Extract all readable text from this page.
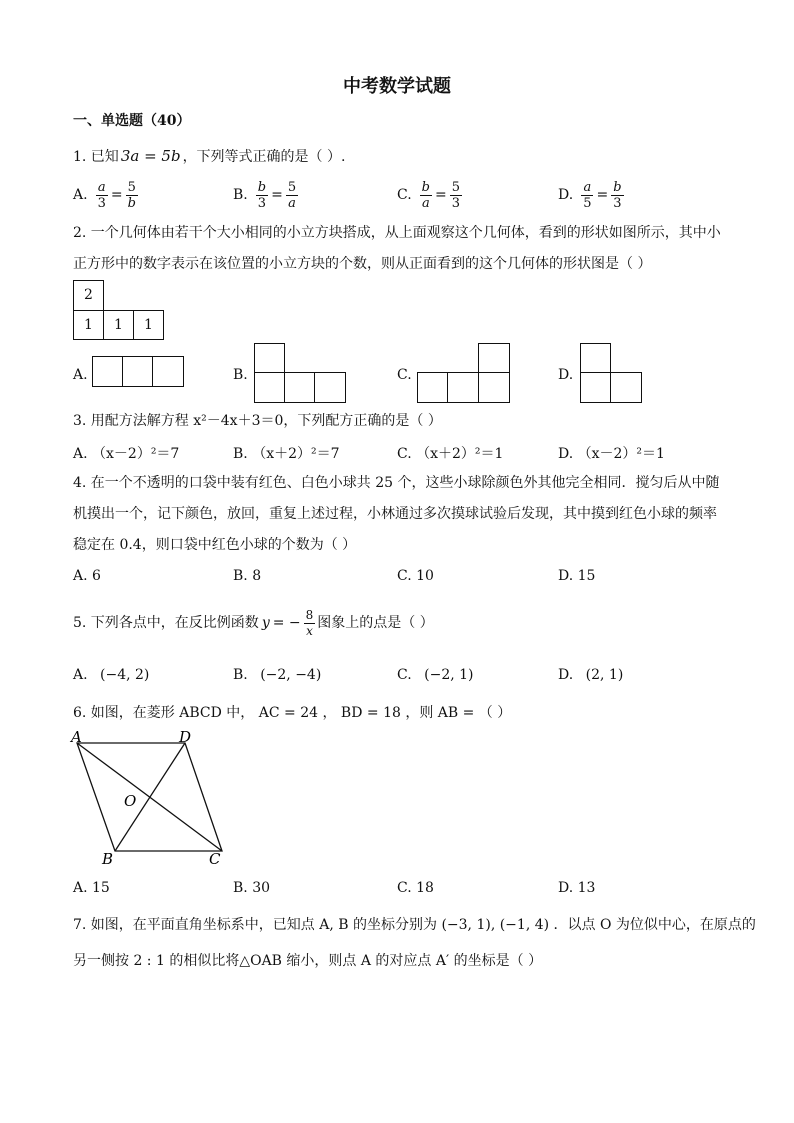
中考数学试题
一、单选题（40）
1. 已知 3a = 5b ，下列等式正确的是（ ）.
A. $\frac{a}{3} = \frac{5}{b}$	B. $\frac{b}{3} = \frac{5}{a}$	C. $\frac{b}{a} = \frac{5}{3}$	D. $\frac{a}{5} = \frac{b}{3}$
2. 一个几何体由若干个大小相同的小立方块搭成，从上面观察这个几何体，看到的形状如图所示，其中小
正方形中的数字表示在该位置的小立方块的个数，则从正面看到的这个几何体的形状图是（ ）
2
1	1	1
A.	B.	C.	D.
3. 用配方法解方程 x²－4x＋3＝0，下列配方正确的是（ ）
A. （x－2）²＝7	B. （x＋2）²＝7	C. （x＋2）²＝1	D. （x－2）²＝1
4. 在一个不透明的口袋中装有红色、白色小球共 25 个，这些小球除颜色外其他完全相同．搅匀后从中随
机摸出一个，记下颜色，放回，重复上述过程，小林通过多次摸球试验后发现，其中摸到红色小球的频率
稳定在 0.4，则口袋中红色小球的个数为（ ）
A. 6	B. 8	C. 10	D. 15
5. 下列各点中，在反比例函数 y = − $\frac{8}{x}$ 图象上的点是（ ）
A. (−4, 2)	B. (−2, −4)	C. (−2, 1)	D. (2, 1)
6. 如图，在菱形 ABCD 中， AC = 24 ， BD = 18 ，则 AB = （ ）
A	D
B	C
O
A. 15	B. 30	C. 18	D. 13
7. 如图，在平面直角坐标系中，已知点 A, B 的坐标分别为 (−3, 1), (−1, 4) ．以点 O 为位似中心，在原点的
另一侧按 2 : 1 的相似比将△OAB 缩小，则点 A 的对应点 A′ 的坐标是（ ）
